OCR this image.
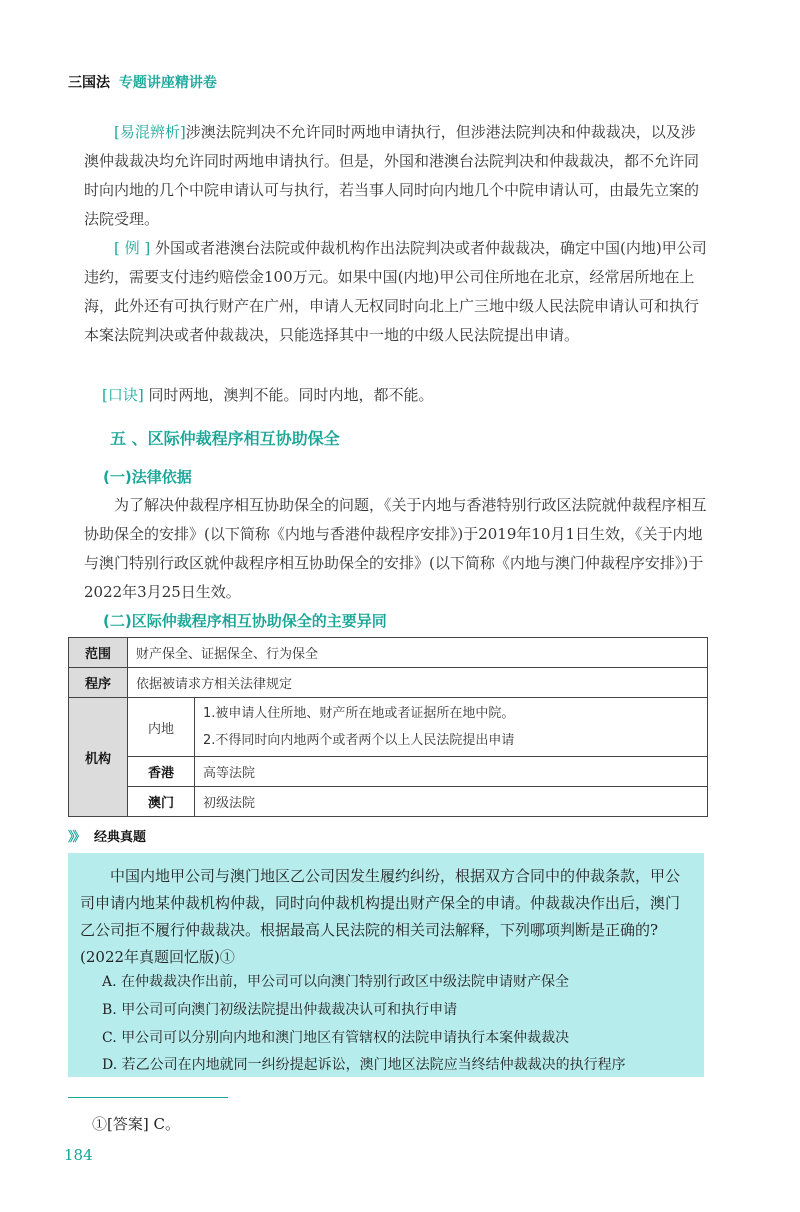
三国法 专题讲座精讲卷
[易混辨析]涉澳法院判决不允许同时两地申请执行，但涉港法院判决和仲裁裁决，以及涉澳仲裁裁决均允许同时两地申请执行。但是，外国和港澳台法院判决和仲裁裁决，都不允许同时向内地的几个中院申请认可与执行，若当事人同时向内地几个中院申请认可，由最先立案的法院受理。
[ 例 ] 外国或者港澳台法院或仲裁机构作出法院判决或者仲裁裁决，确定中国(内地)甲公司违约，需要支付违约赔偿金100万元。如果中国(内地)甲公司住所地在北京，经常居所地在上海，此外还有可执行财产在广州，申请人无权同时向北上广三地中级人民法院申请认可和执行本案法院判决或者仲裁裁决，只能选择其中一地的中级人民法院提出申请。
[口诀] 同时两地，澳判不能。同时内地，都不能。
五 、区际仲裁程序相互协助保全
(一)法律依据
为了解决仲裁程序相互协助保全的问题，《关于内地与香港特别行政区法院就仲裁程序相互协助保全的安排》(以下简称《内地与香港仲裁程序安排》)于2019年10月1日生效，《关于内地与澳门特别行政区就仲裁程序相互协助保全的安排》(以下简称《内地与澳门仲裁程序安排》)于2022年3月25日生效。
(二)区际仲裁程序相互协助保全的主要异同
范围	财产保全、证据保全、行为保全	
程序	依据被请求方相关法律规定	
机构	内地	1.被申请人住所地、财产所在地或者证据所在地中院。
2.不得同时向内地两个或者两个以上人民法院提出申请

	香港	高等法院
	澳门	初级法院
》》 经典真题
中国内地甲公司与澳门地区乙公司因发生履约纠纷，根据双方合同中的仲裁条款，甲公司申请内地某仲裁机构仲裁，同时向仲裁机构提出财产保全的申请。仲裁裁决作出后，澳门乙公司拒不履行仲裁裁决。根据最高人民法院的相关司法解释，下列哪项判断是正确的?(2022年真题回忆版)①
A. 在仲裁裁决作出前，甲公司可以向澳门特别行政区中级法院申请财产保全
B. 甲公司可向澳门初级法院提出仲裁裁决认可和执行申请
C. 甲公司可以分别向内地和澳门地区有管辖权的法院申请执行本案仲裁裁决
D. 若乙公司在内地就同一纠纷提起诉讼，澳门地区法院应当终结仲裁裁决的执行程序
①[答案] C。
184
